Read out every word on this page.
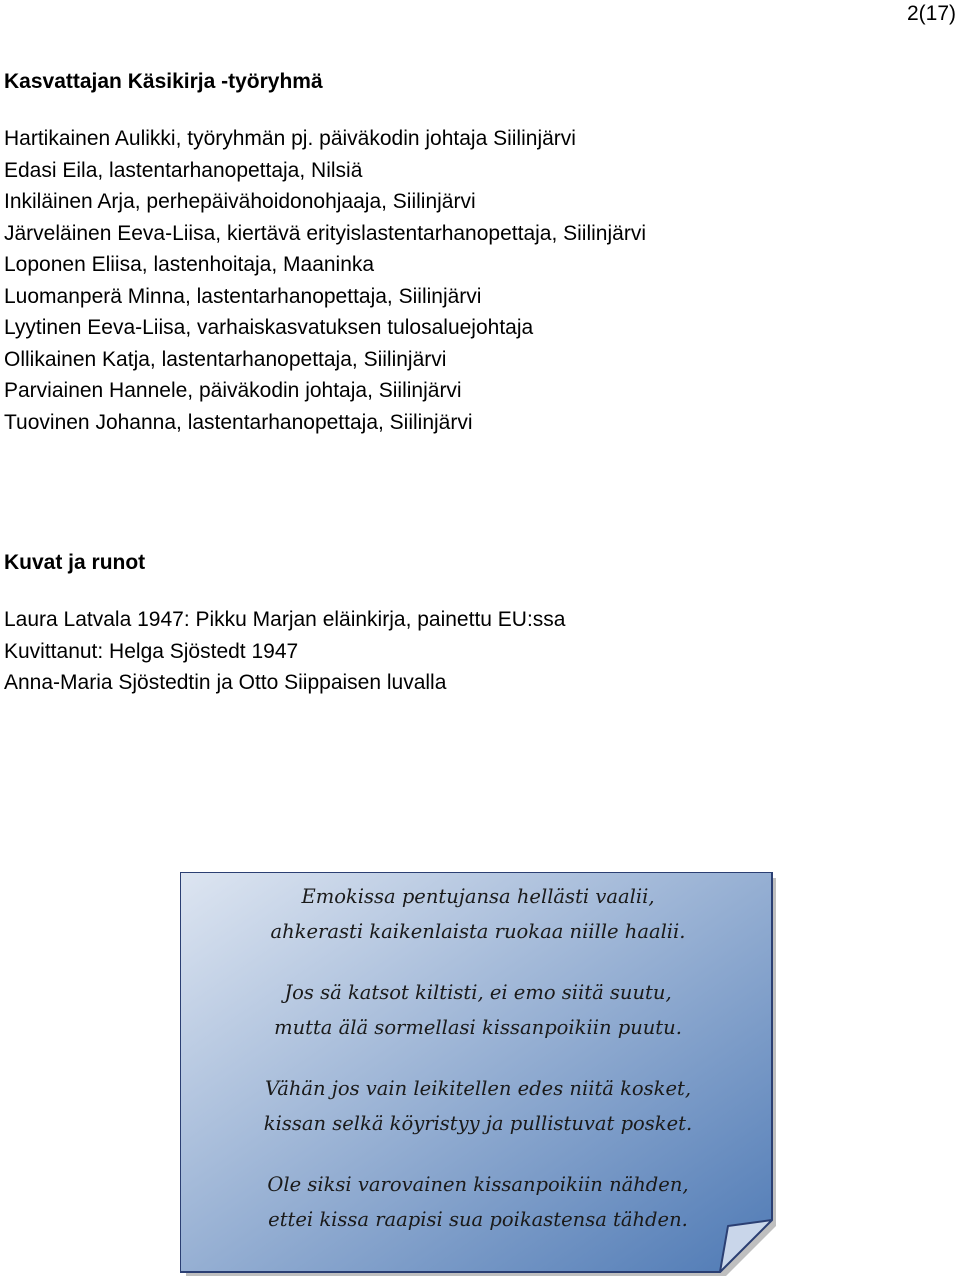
2(17)
Kasvattajan Käsikirja -työryhmä
Hartikainen Aulikki, työryhmän pj. päiväkodin johtaja Siilinjärvi
Edasi Eila, lastentarhanopettaja, Nilsiä
Inkiläinen Arja, perhepäivähoidonohjaaja, Siilinjärvi
Järveläinen Eeva-Liisa, kiertävä erityislastentarhanopettaja, Siilinjärvi
Loponen Eliisa, lastenhoitaja, Maaninka
Luomanperä Minna, lastentarhanopettaja, Siilinjärvi
Lyytinen Eeva-Liisa, varhaiskasvatuksen tulosaluejohtaja
Ollikainen Katja, lastentarhanopettaja, Siilinjärvi
Parviainen Hannele, päiväkodin johtaja, Siilinjärvi
Tuovinen Johanna, lastentarhanopettaja, Siilinjärvi
Kuvat ja runot
Laura Latvala 1947: Pikku Marjan eläinkirja, painettu EU:ssa
Kuvittanut: Helga Sjöstedt 1947
Anna-Maria Sjöstedtin ja Otto Siippaisen luvalla

Emokissa pentujansa hellästi vaalii,
ahkerasti kaikenlaista ruokaa niille haalii.

Jos sä katsot kiltisti, ei emo siitä suutu,
mutta älä sormellasi kissanpoikiin puutu.

Vähän jos vain leikitellen edes niitä kosket,
kissan selkä köyristyy ja pullistuvat posket.

Ole siksi varovainen kissanpoikiin nähden,
ettei kissa raapisi sua poikastensa tähden.
